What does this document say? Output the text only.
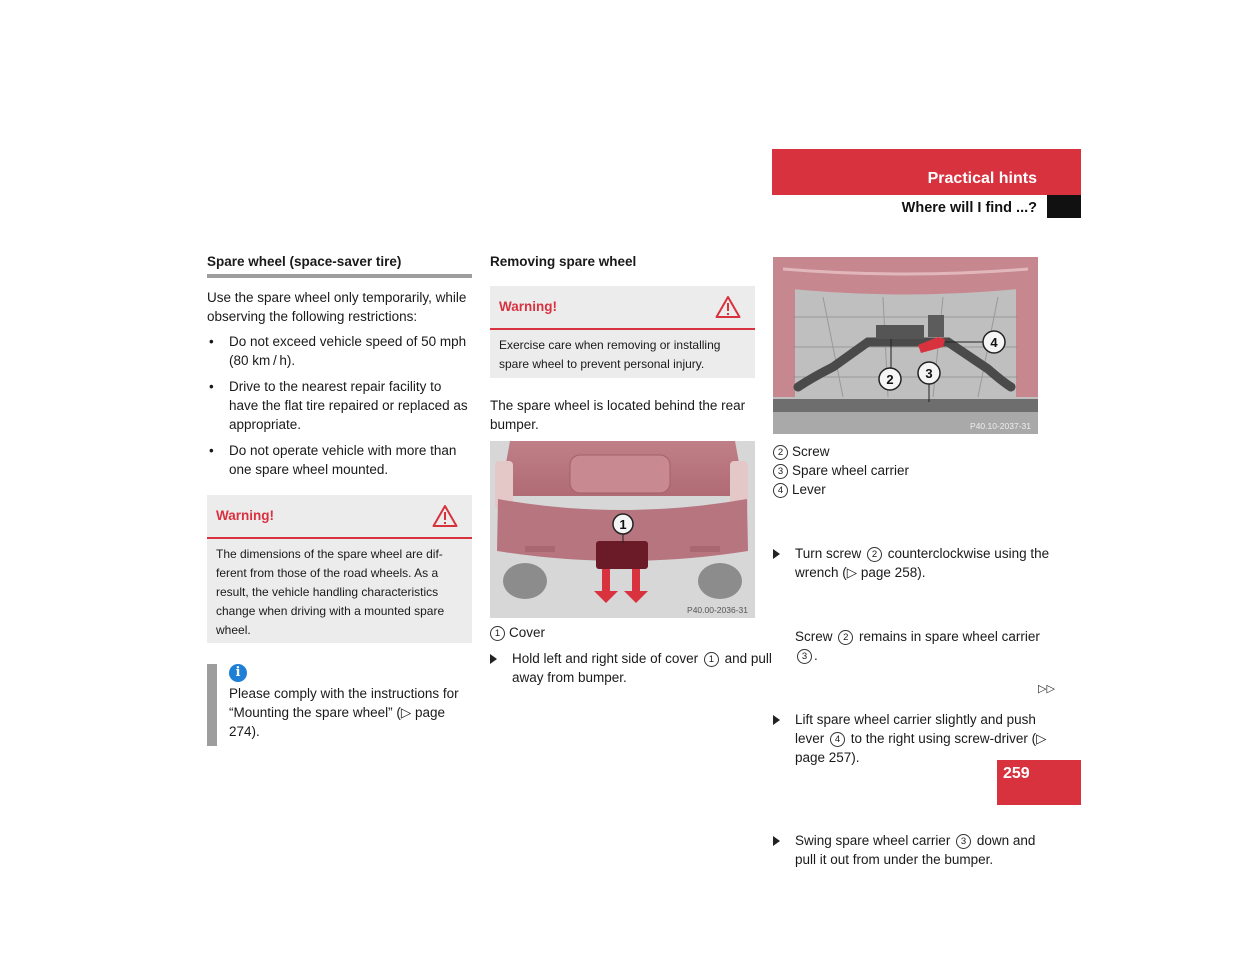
Practical hints
Where will I find ...?
Spare wheel (space-saver tire)
Use the spare wheel only temporarily, while observing the following restrictions:
• Do not exceed vehicle speed of 50 mph (80 km / h).
• Drive to the nearest repair facility to have the flat tire repaired or replaced as appropriate.
• Do not operate vehicle with more than one spare wheel mounted.
Warning!
The dimensions of the spare wheel are dif-ferent from those of the road wheels. As a result, the vehicle handling characteristics change when driving with a mounted spare wheel.
i
Please comply with the instructions for “Mounting the spare wheel” (▷ page 274).
Removing spare wheel
Warning!
Exercise care when removing or installing spare wheel to prevent personal injury.
The spare wheel is located behind the rear bumper.
1
P40.00-2036-31
1 Cover
Hold left and right side of cover 1 and pull away from bumper.
2 3
4
P40.10-2037-31
2 Screw
3 Spare wheel carrier
4 Lever
Turn screw 2 counterclockwise using the wrench (▷ page 258).
Screw 2 remains in spare wheel carrier 3 .
Lift spare wheel carrier slightly and push lever 4 to the right using screw-driver (▷ page 257).
Swing spare wheel carrier 3 down and pull it out from under the bumper.
▷▷
259
